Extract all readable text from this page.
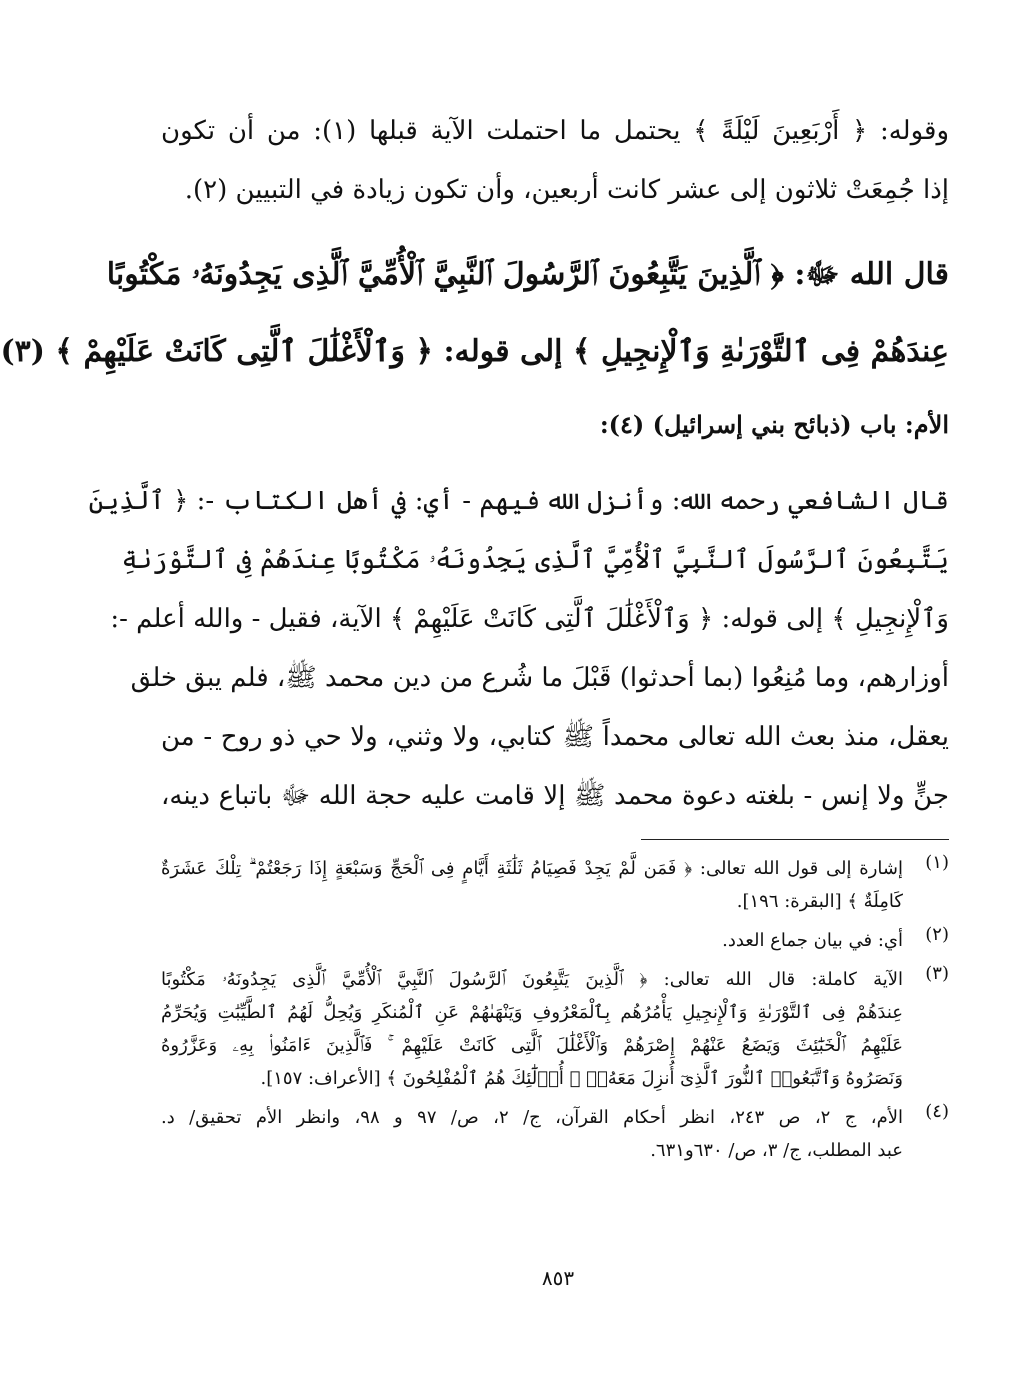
وقوله: ﴿ أَرْبَعِينَ لَيْلَةً ﴾ يحتمل ما احتملت الآية قبلها (١): من أن تكون
إذا جُمِعَتْ ثلاثون إلى عشر كانت أربعين، وأن تكون زيادة في التبيين (٢).
قال الله ﷻ: ﴿ ٱلَّذِينَ يَتَّبِعُونَ ٱلرَّسُولَ ٱلنَّبِيَّ ٱلْأُمِّيَّ ٱلَّذِى يَجِدُونَهُۥ مَكْتُوبًا
عِندَهُمْ فِى ٱلتَّوْرَىٰةِ وَٱلْإِنجِيلِ ﴾ إلى قوله: ﴿ وَٱلْأَغْلَٰلَ ٱلَّتِى كَانَتْ عَلَيْهِمْ ﴾ (٣)
الأم: باب (ذبائح بني إسرائيل) (٤):
قال الشافعي رحمه الله: وأنزل الله فيهم - أي: في أهل الكتاب -: ﴿ ٱلَّذِينَ
يَتَّبِعُونَ ٱلرَّسُولَ ٱلنَّبِيَّ ٱلْأُمِّيَّ ٱلَّذِى يَجِدُونَهُۥ مَكْتُوبًا عِندَهُمْ فِى ٱلتَّوْرَىٰةِ
وَٱلْإِنجِيلِ ﴾ إلى قوله: ﴿ وَٱلْأَغْلَٰلَ ٱلَّتِى كَانَتْ عَلَيْهِمْ ﴾ الآية، فقيل - والله أعلم -:
أوزارهم، وما مُنِعُوا (بما أحدثوا) قَبْلَ ما شُرع من دين محمد ﷺ، فلم يبق خلق
يعقل، منذ بعث الله تعالى محمداً ﷺ كتابي، ولا وثني، ولا حي ذو روح - من
جنٍّ ولا إنس - بلغته دعوة محمد ﷺ إلا قامت عليه حجة الله ﷻ باتباع دينه،
(١)
إشارة إلى قول الله تعالى: ﴿ فَمَن لَّمْ يَجِدْ فَصِيَامُ ثَلَٰثَةِ أَيَّامٍ فِى ٱلْحَجِّ وَسَبْعَةٍ إِذَا رَجَعْتُمْ ۗ تِلْكَ عَشَرَةٌ
كَامِلَةٌ ﴾ [البقرة: ١٩٦].
(٢)
أي: في بيان جماع العدد.
(٣)
الآية كاملة: قال الله تعالى: ﴿ ٱلَّذِينَ يَتَّبِعُونَ ٱلرَّسُولَ ٱلنَّبِيَّ ٱلْأُمِّيَّ ٱلَّذِى يَجِدُونَهُۥ مَكْتُوبًا
عِندَهُمْ فِى ٱلتَّوْرَىٰةِ وَٱلْإِنجِيلِ يَأْمُرُهُم بِٱلْمَعْرُوفِ وَيَنْهَىٰهُمْ عَنِ ٱلْمُنكَرِ وَيُحِلُّ لَهُمُ ٱلطَّيِّبَٰتِ وَيُحَرِّمُ
عَلَيْهِمُ ٱلْخَبَٰٓئِثَ وَيَضَعُ عَنْهُمْ إِصْرَهُمْ وَٱلْأَغْلَٰلَ ٱلَّتِى كَانَتْ عَلَيْهِمْ ۚ فَٱلَّذِينَ ءَامَنُوا۟ بِهِۦ وَعَزَّرُوهُ
وَنَصَرُوهُ وَٱتَّبَعُوا۟ ٱلنُّورَ ٱلَّذِىٓ أُنزِلَ مَعَهُۥٓ ۙ أُو۟لَٰٓئِكَ هُمُ ٱلْمُفْلِحُونَ ﴾ [الأعراف: ١٥٧].
(٤)
الأم، ج ٢، ص ٢٤٣، انظر أحكام القرآن، ج/ ٢، ص/ ٩٧ و ٩٨، وانظر الأم تحقيق/ د.
عبد المطلب، ج/ ٣، ص/ ٦٣٠و٦٣١.
٨٥٣
